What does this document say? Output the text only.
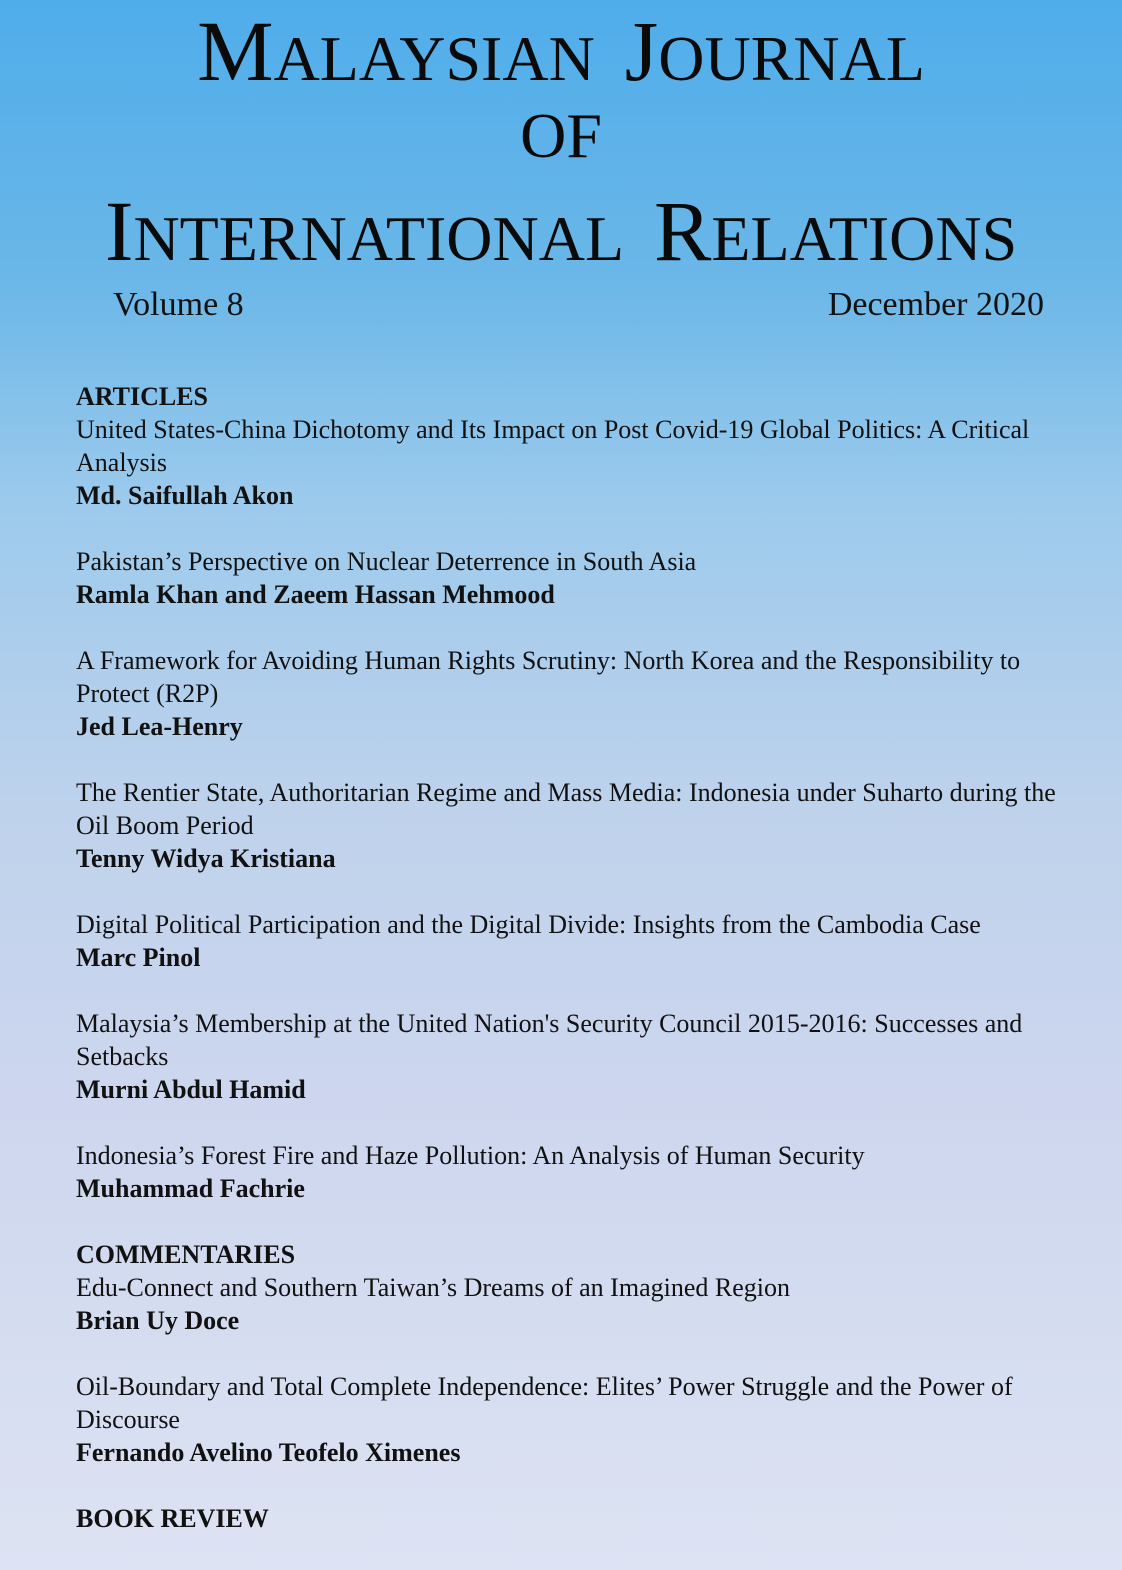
MALAYSIAN JOURNAL
OF
INTERNATIONAL RELATIONS
Volume 8	December 2020
ARTICLES
United States-China Dichotomy and Its Impact on Post Covid-19 Global Politics: A Critical Analysis
Md. Saifullah Akon
Pakistan’s Perspective on Nuclear Deterrence in South Asia
Ramla Khan and Zaeem Hassan Mehmood
A Framework for Avoiding Human Rights Scrutiny: North Korea and the Responsibility to Protect (R2P)
Jed Lea-Henry
The Rentier State, Authoritarian Regime and Mass Media: Indonesia under Suharto during the Oil Boom Period
Tenny Widya Kristiana
Digital Political Participation and the Digital Divide: Insights from the Cambodia Case
Marc Pinol
Malaysia’s Membership at the United Nation's Security Council 2015-2016: Successes and Setbacks
Murni Abdul Hamid
Indonesia’s Forest Fire and Haze Pollution: An Analysis of Human Security
Muhammad Fachrie
COMMENTARIES
Edu-Connect and Southern Taiwan’s Dreams of an Imagined Region
Brian Uy Doce
Oil-Boundary and Total Complete Independence: Elites’ Power Struggle and the Power of Discourse
Fernando Avelino Teofelo Ximenes
BOOK REVIEW
